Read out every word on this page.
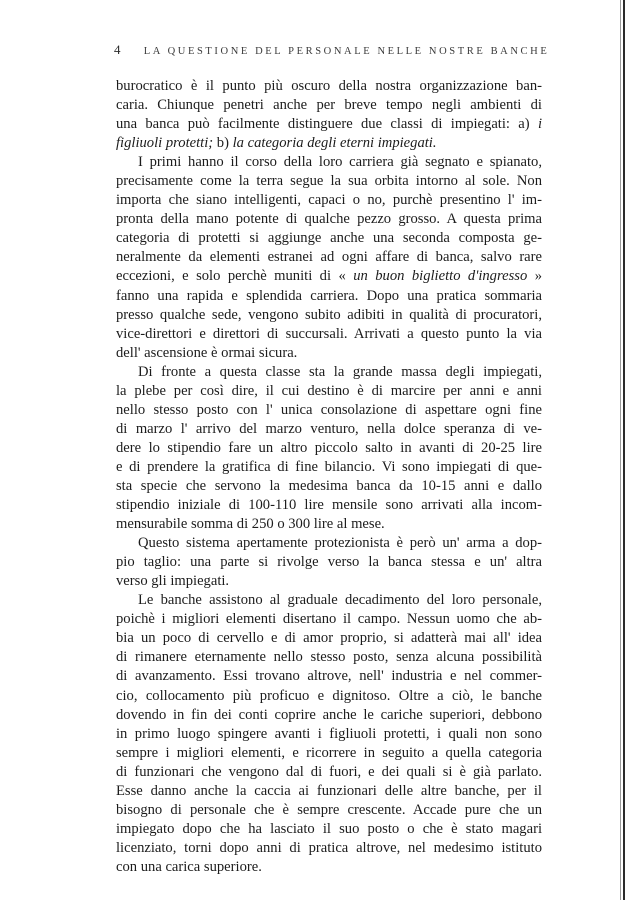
4 LA QUESTIONE DEL PERSONALE NELLE NOSTRE BANCHE
burocratico è il punto più oscuro della nostra organizzazione ban-
caria. Chiunque penetri anche per breve tempo negli ambienti di
una banca può facilmente distinguere due classi di impiegati: a) i
figliuoli protetti; b) la categoria degli eterni impiegati.
I primi hanno il corso della loro carriera già segnato e spianato,
precisamente come la terra segue la sua orbita intorno al sole. Non
importa che siano intelligenti, capaci o no, purchè presentino l' im-
pronta della mano potente di qualche pezzo grosso. A questa prima
categoria di protetti si aggiunge anche una seconda composta ge-
neralmente da elementi estranei ad ogni affare di banca, salvo rare
eccezioni, e solo perchè muniti di « un buon biglietto d'ingresso »
fanno una rapida e splendida carriera. Dopo una pratica sommaria
presso qualche sede, vengono subito adibiti in qualità di procuratori,
vice-direttori e direttori di succursali. Arrivati a questo punto la via
dell' ascensione è ormai sicura.
Di fronte a questa classe sta la grande massa degli impiegati,
la plebe per così dire, il cui destino è di marcire per anni e anni
nello stesso posto con l' unica consolazione di aspettare ogni fine
di marzo l' arrivo del marzo venturo, nella dolce speranza di ve-
dere lo stipendio fare un altro piccolo salto in avanti di 20-25 lire
e di prendere la gratifica di fine bilancio. Vi sono impiegati di que-
sta specie che servono la medesima banca da 10-15 anni e dallo
stipendio iniziale di 100-110 lire mensile sono arrivati alla incom-
mensurabile somma di 250 o 300 lire al mese.
Questo sistema apertamente protezionista è però un' arma a dop-
pio taglio: una parte si rivolge verso la banca stessa e un' altra
verso gli impiegati.
Le banche assistono al graduale decadimento del loro personale,
poichè i migliori elementi disertano il campo. Nessun uomo che ab-
bia un poco di cervello e di amor proprio, si adatterà mai all' idea
di rimanere eternamente nello stesso posto, senza alcuna possibilità
di avanzamento. Essi trovano altrove, nell' industria e nel commer-
cio, collocamento più proficuo e dignitoso. Oltre a ciò, le banche
dovendo in fin dei conti coprire anche le cariche superiori, debbono
in primo luogo spingere avanti i figliuoli protetti, i quali non sono
sempre i migliori elementi, e ricorrere in seguito a quella categoria
di funzionari che vengono dal di fuori, e dei quali si è già parlato.
Esse danno anche la caccia ai funzionari delle altre banche, per il
bisogno di personale che è sempre crescente. Accade pure che un
impiegato dopo che ha lasciato il suo posto o che è stato magari
licenziato, torni dopo anni di pratica altrove, nel medesimo istituto
con una carica superiore.
